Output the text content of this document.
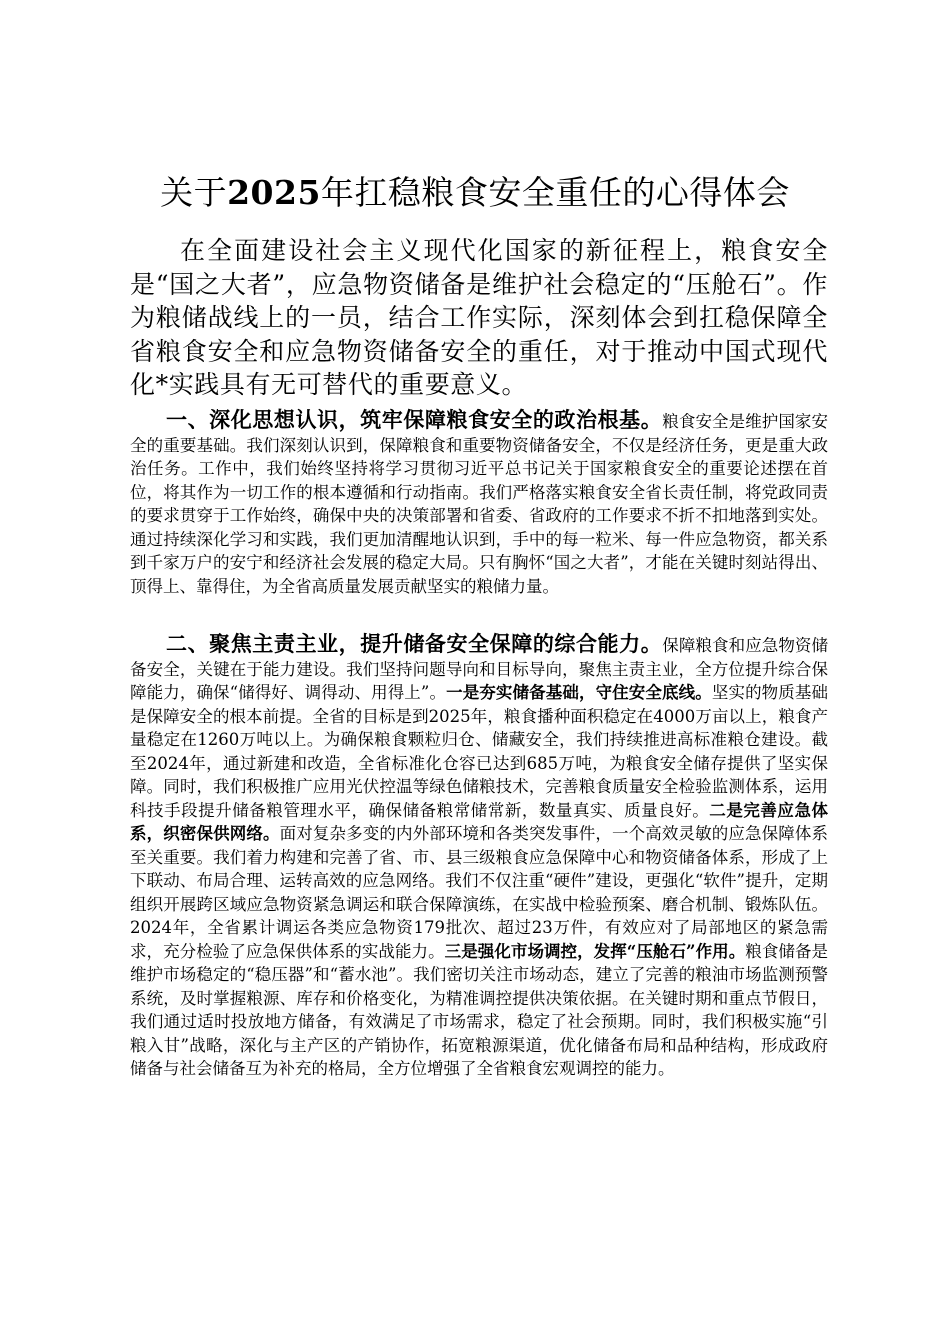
关于2025年扛稳粮食安全重任的心得体会

在全面建设社会主义现代化国家的新征程上，粮食安全是“国之大者”，应急物资储备是维护社会稳定的“压舱石”。作为粮储战线上的一员，结合工作实际，深刻体会到扛稳保障全省粮食安全和应急物资储备安全的重任，对于推动中国式现代化*实践具有无可替代的重要意义。

一、深化思想认识，筑牢保障粮食安全的政治根基。粮食安全是维护国家安全的重要基础。我们深刻认识到，保障粮食和重要物资储备安全，不仅是经济任务，更是重大政治任务。工作中，我们始终坚持将学习贯彻习近平总书记关于国家粮食安全的重要论述摆在首位，将其作为一切工作的根本遵循和行动指南。我们严格落实粮食安全省长责任制，将党政同责的要求贯穿于工作始终，确保中央的决策部署和省委、省政府的工作要求不折不扣地落到实处。通过持续深化学习和实践，我们更加清醒地认识到，手中的每一粒米、每一件应急物资，都关系到千家万户的安宁和经济社会发展的稳定大局。只有胸怀“国之大者”，才能在关键时刻站得出、顶得上、靠得住，为全省高质量发展贡献坚实的粮储力量。

二、聚焦主责主业，提升储备安全保障的综合能力。保障粮食和应急物资储备安全，关键在于能力建设。我们坚持问题导向和目标导向，聚焦主责主业，全方位提升综合保障能力，确保“储得好、调得动、用得上”。一是夯实储备基础，守住安全底线。坚实的物质基础是保障安全的根本前提。全省的目标是到2025年，粮食播种面积稳定在4000万亩以上，粮食产量稳定在1260万吨以上。为确保粮食颗粒归仓、储藏安全，我们持续推进高标准粮仓建设。截至2024年，通过新建和改造，全省标准化仓容已达到685万吨，为粮食安全储存提供了坚实保障。同时，我们积极推广应用光伏控温等绿色储粮技术，完善粮食质量安全检验监测体系，运用科技手段提升储备粮管理水平，确保储备粮常储常新，数量真实、质量良好。二是完善应急体系，织密保供网络。面对复杂多变的内外部环境和各类突发事件，一个高效灵敏的应急保障体系至关重要。我们着力构建和完善了省、市、县三级粮食应急保障中心和物资储备体系，形成了上下联动、布局合理、运转高效的应急网络。我们不仅注重“硬件”建设，更强化“软件”提升，定期组织开展跨区域应急物资紧急调运和联合保障演练，在实战中检验预案、磨合机制、锻炼队伍。2024年，全省累计调运各类应急物资179批次、超过23万件，有效应对了局部地区的紧急需求，充分检验了应急保供体系的实战能力。三是强化市场调控，发挥“压舱石”作用。粮食储备是维护市场稳定的“稳压器”和“蓄水池”。我们密切关注市场动态，建立了完善的粮油市场监测预警系统，及时掌握粮源、库存和价格变化，为精准调控提供决策依据。在关键时期和重点节假日，我们通过适时投放地方储备，有效满足了市场需求，稳定了社会预期。同时，我们积极实施“引粮入甘”战略，深化与主产区的产销协作，拓宽粮源渠道，优化储备布局和品种结构，形成政府储备与社会储备互为补充的格局，全方位增强了全省粮食宏观调控的能力。
